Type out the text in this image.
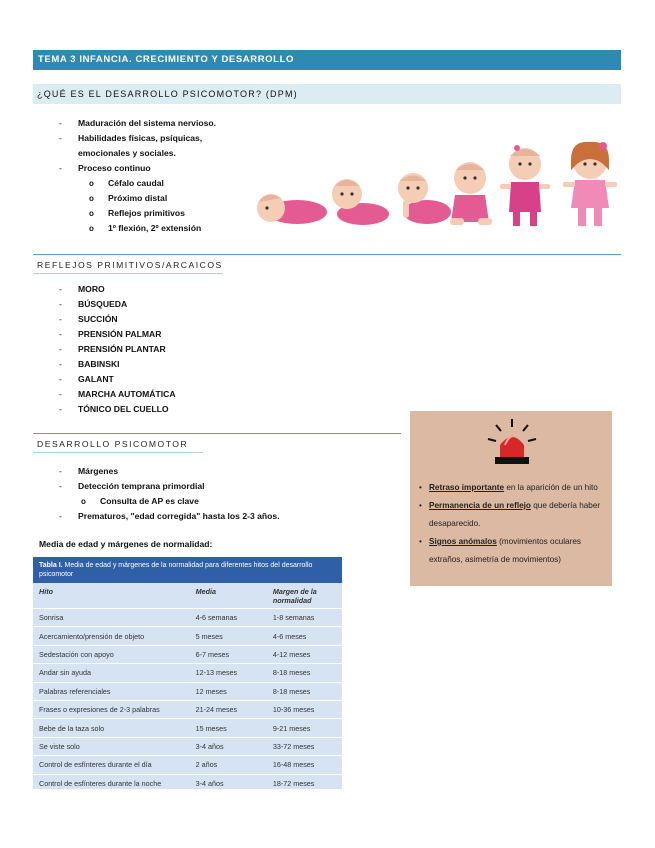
TEMA 3 INFANCIA. CRECIMIENTO Y DESARROLLO
¿QUÉ ES EL DESARROLLO PSICOMOTOR? (DPM)
- Maduración del sistema nervioso.
- Habilidades físicas, psíquicas,
emocionales y sociales.
- Proceso continuo
o Céfalo caudal
o Próximo distal
o Reflejos primitivos
o 1º flexión, 2º extensión
REFLEJOS PRIMITIVOS/ARCAICOS
- MORO
- BÚSQUEDA
- SUCCIÓN
- PRENSIÓN PALMAR
- PRENSIÓN PLANTAR
- BABINSKI
- GALANT
- MARCHA AUTOMÁTICA
- TÓNICO DEL CUELLO
DESARROLLO PSICOMOTOR
- Márgenes
- Detección temprana primordial
o Consulta de AP es clave
- Prematuros, "edad corregida" hasta los 2-3 años.
• Retraso importante en la aparición de un hito
• Permanencia de un reflejo que debería haber desaparecido.
• Signos anómalos (movimientos oculares extraños, asimetría de movimientos)
Media de edad y márgenes de normalidad:
Tabla I. Media de edad y márgenes de la normalidad para diferentes hitos del desarrollo psicomotor
Hito	Media	Margen de la normalidad
Sonrisa	4-6 semanas	1-8 semanas
Acercamiento/prensión de objeto	5 meses	4-6 meses
Sedestación con apoyo	6-7 meses	4-12 meses
Andar sin ayuda	12-13 meses	8-18 meses
Palabras referenciales	12 meses	8-18 meses
Frases o expresiones de 2-3 palabras	21-24 meses	10-36 meses
Bebe de la taza solo	15 meses	9-21 meses
Se viste solo	3-4 años	33-72 meses
Control de esfínteres durante el día	2 años	16-48 meses
Control de esfínteres durante la noche	3-4 años	18-72 meses
